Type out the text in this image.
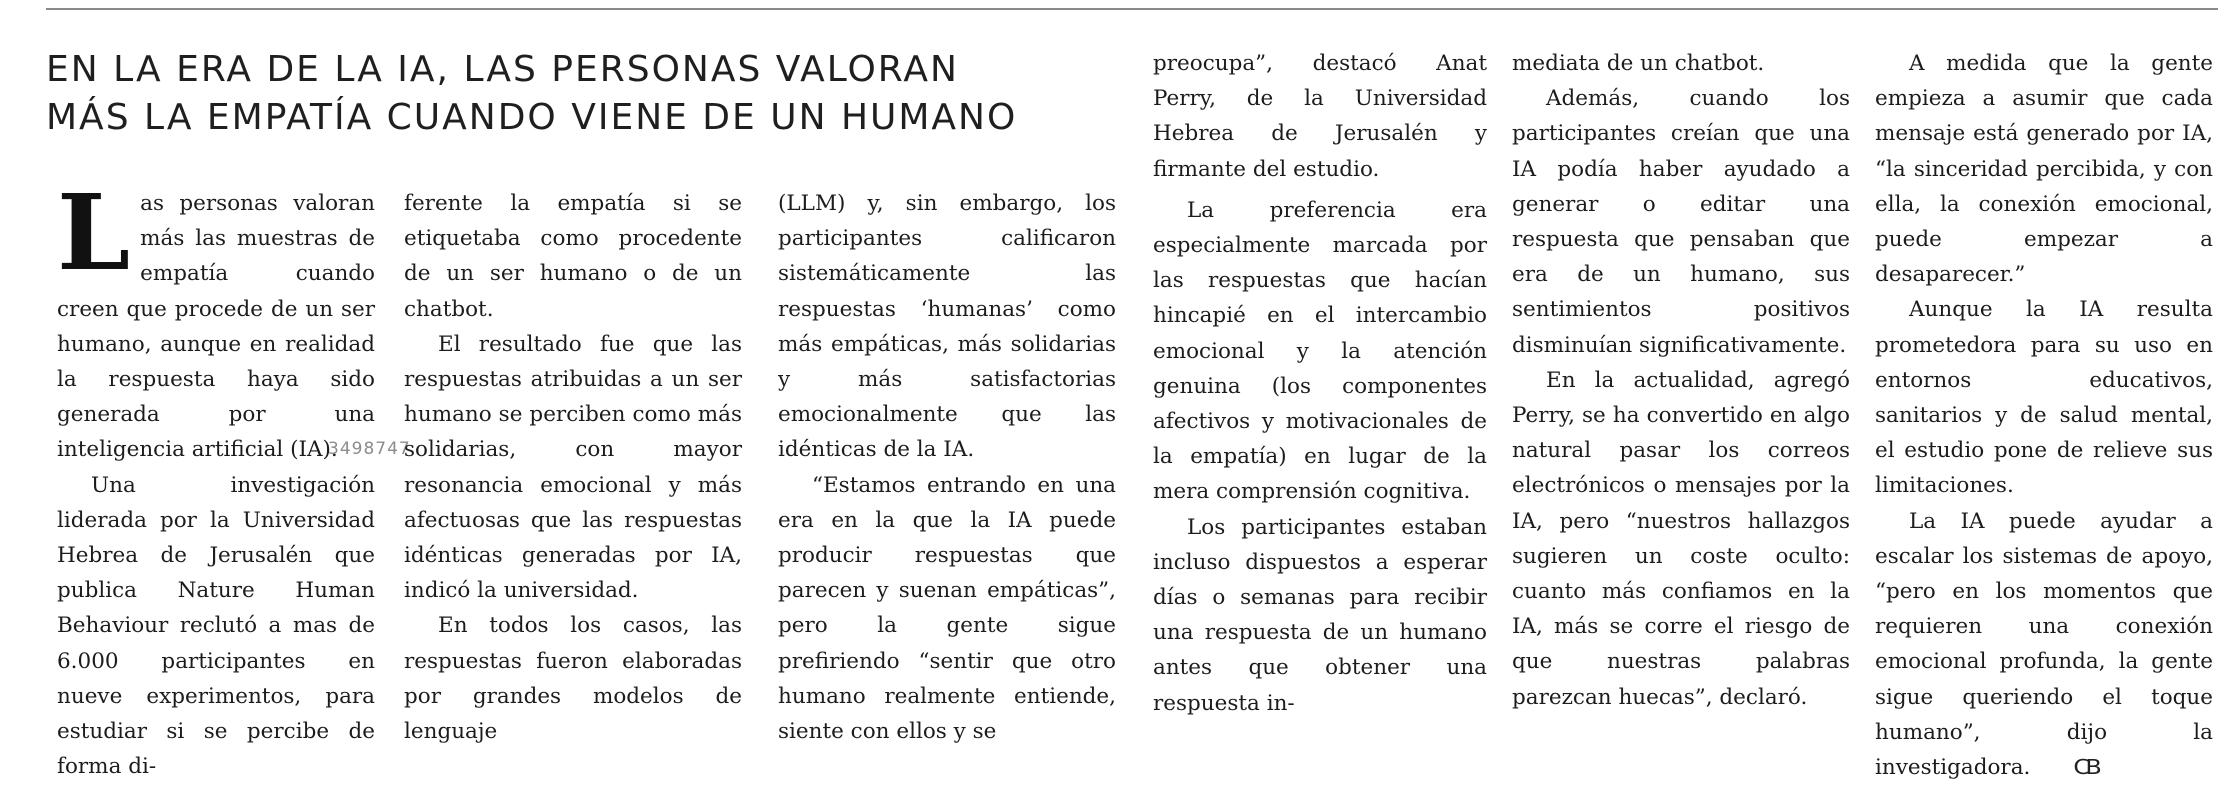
EN LA ERA DE LA IA, LAS PERSONAS VALORAN
MÁS LA EMPATÍA CUANDO VIENE DE UN HUMANO

Las personas valoran más las muestras de empatía cuando creen que procede de un ser humano, aunque en realidad la respuesta haya sido generada por una inteligencia artificial (IA).

Una investigación liderada por la Universidad Hebrea de Jerusalén que publica Nature Human Behaviour reclutó a mas de 6.000 participantes en nueve experimentos, para estudiar si se percibe de forma di-

3498747

ferente la empatía si se etiquetaba como procedente de un ser humano o de un chatbot.

El resultado fue que las respuestas atribuidas a un ser humano se perciben como más solidarias, con mayor resonancia emocional y más afectuosas que las respuestas idénticas generadas por IA, indicó la universidad.

En todos los casos, las respuestas fueron elaboradas por grandes modelos de lenguaje

(LLM) y, sin embargo, los participantes calificaron sistemáticamente las respuestas ‘humanas’ como más empáticas, más solidarias y más satisfactorias emocionalmente que las idénticas de la IA.

“Estamos entrando en una era en la que la IA puede producir respuestas que parecen y suenan empáticas”, pero la gente sigue prefiriendo “sentir que otro humano realmente entiende, siente con ellos y se

preocupa”, destacó Anat Perry, de la Universidad Hebrea de Jerusalén y firmante del estudio.

La preferencia era especialmente marcada por las respuestas que hacían hincapié en el intercambio emocional y la atención genuina (los componentes afectivos y motivacionales de la empatía) en lugar de la mera comprensión cognitiva.

Los participantes estaban incluso dispuestos a esperar días o semanas para recibir una respuesta de un humano antes que obtener una respuesta in-

mediata de un chatbot.

Además, cuando los participantes creían que una IA podía haber ayudado a generar o editar una respuesta que pensaban que era de un humano, sus sentimientos positivos disminuían significativamente.

En la actualidad, agregó Perry, se ha convertido en algo natural pasar los correos electrónicos o mensajes por la IA, pero “nuestros hallazgos sugieren un coste oculto: cuanto más confiamos en la IA, más se corre el riesgo de que nuestras palabras parezcan huecas”, declaró.

A medida que la gente empieza a asumir que cada mensaje está generado por IA, “la sinceridad percibida, y con ella, la conexión emocional, puede empezar a desaparecer.”

Aunque la IA resulta prometedora para su uso en entornos educativos, sanitarios y de salud mental, el estudio pone de relieve sus limitaciones.

La IA puede ayudar a escalar los sistemas de apoyo, “pero en los momentos que requieren una conexión emocional profunda, la gente sigue queriendo el toque humano”, dijo la investigadora. CB
